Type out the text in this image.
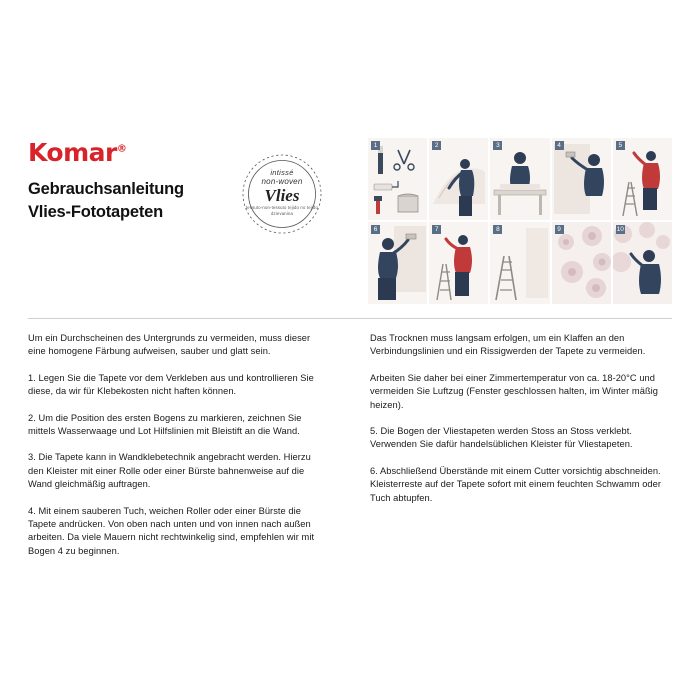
Komar®
Gebrauchsanleitung
Vlies-Fototapeten
intissé
non-woven
Vlies
tessuto-non-tessuto tejido no tejido dzievanina
1	2	3	4	5
6	7	8	9	10

Um ein Durchscheinen des Untergrunds zu vermeiden, muss dieser eine homogene Färbung aufweisen, sauber und glatt sein.

1. Legen Sie die Tapete vor dem Verkleben aus und kontrollieren Sie diese, da wir für Klebekosten nicht haften können.

2. Um die Position des ersten Bogens zu markieren, zeichnen Sie mittels Wasserwaage und Lot Hilfslinien mit Bleistift an die Wand.

3. Die Tapete kann in Wandklebetechnik angebracht werden. Hierzu den Kleister mit einer Rolle oder einer Bürste bahnenweise auf die Wand gleichmäßig auftragen.

4. Mit einem sauberen Tuch, weichen Roller oder einer Bürste die Tapete andrücken. Von oben nach unten und von innen nach außen arbeiten. Da viele Mauern nicht rechtwinkelig sind, empfehlen wir mit Bogen 4 zu beginnen.

Das Trocknen muss langsam erfolgen, um ein Klaffen an den Verbindungslinien und ein Rissigwerden der Tapete zu vermeiden.

Arbeiten Sie daher bei einer Zimmertemperatur von ca. 18-20°C und vermeiden Sie Luftzug (Fenster geschlossen halten, im Winter mäßig heizen).

5. Die Bogen der Vliestapeten werden Stoss an Stoss verklebt. Verwenden Sie dafür handelsüblichen Kleister für Vliestapeten.

6. Abschließend Überstände mit einem Cutter vorsichtig abschneiden. Kleisterreste auf der Tapete sofort mit einem feuchten Schwamm oder Tuch abtupfen.
